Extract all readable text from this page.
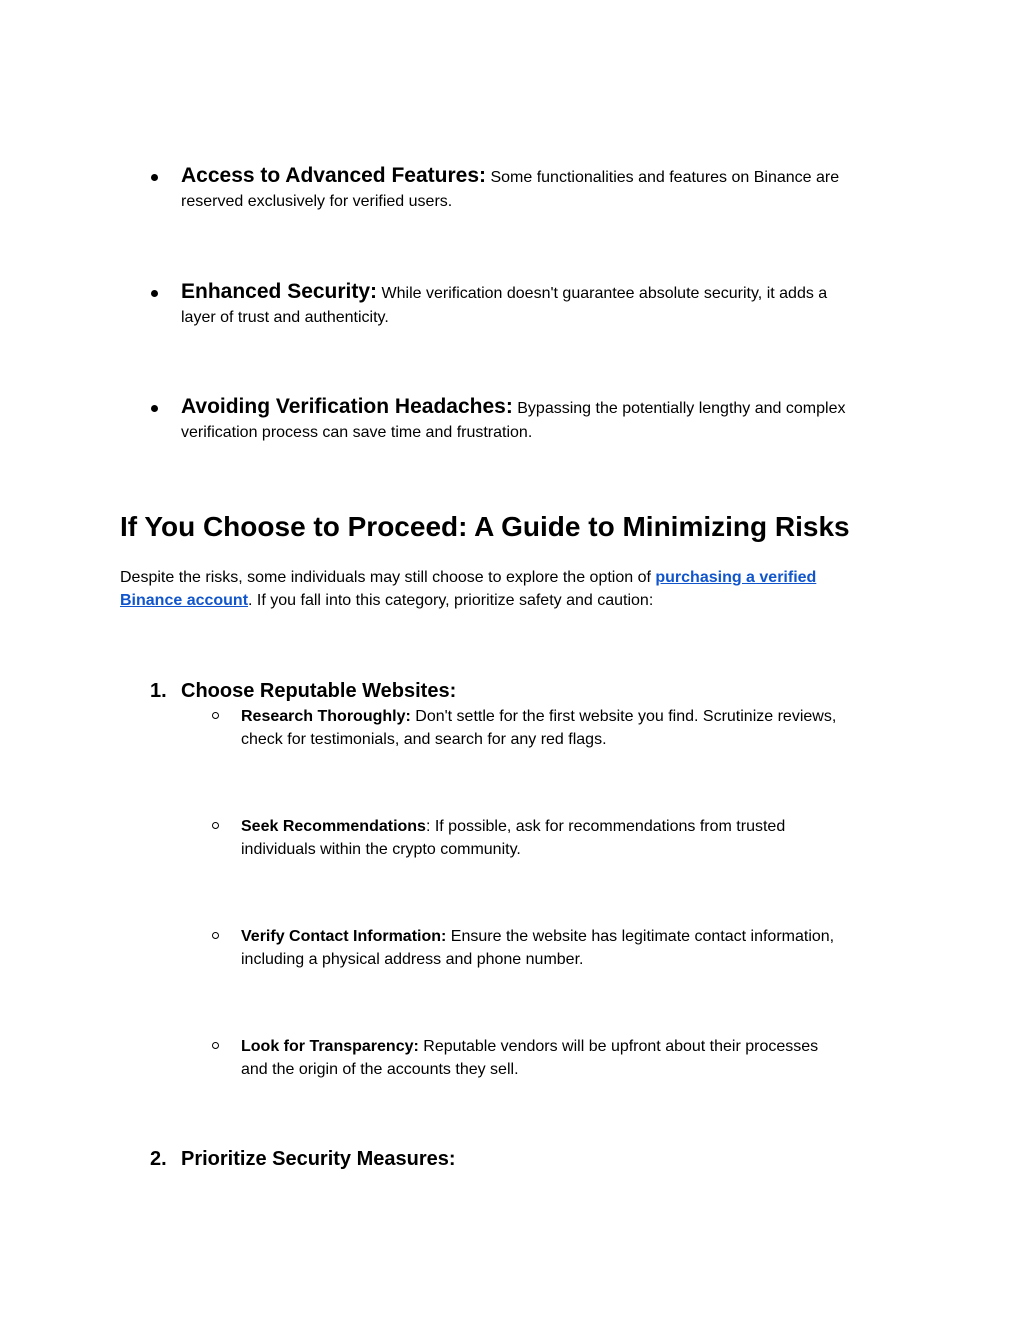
Access to Advanced Features: Some functionalities and features on Binance are
reserved exclusively for verified users.
Enhanced Security: While verification doesn't guarantee absolute security, it adds a
layer of trust and authenticity.
Avoiding Verification Headaches: Bypassing the potentially lengthy and complex
verification process can save time and frustration.
If You Choose to Proceed: A Guide to Minimizing Risks
Despite the risks, some individuals may still choose to explore the option of purchasing a verified
Binance account. If you fall into this category, prioritize safety and caution:
1. Choose Reputable Websites:
Research Thoroughly: Don't settle for the first website you find. Scrutinize reviews,
check for testimonials, and search for any red flags.
Seek Recommendations: If possible, ask for recommendations from trusted
individuals within the crypto community.
Verify Contact Information: Ensure the website has legitimate contact information,
including a physical address and phone number.
Look for Transparency: Reputable vendors will be upfront about their processes
and the origin of the accounts they sell.
2. Prioritize Security Measures:
